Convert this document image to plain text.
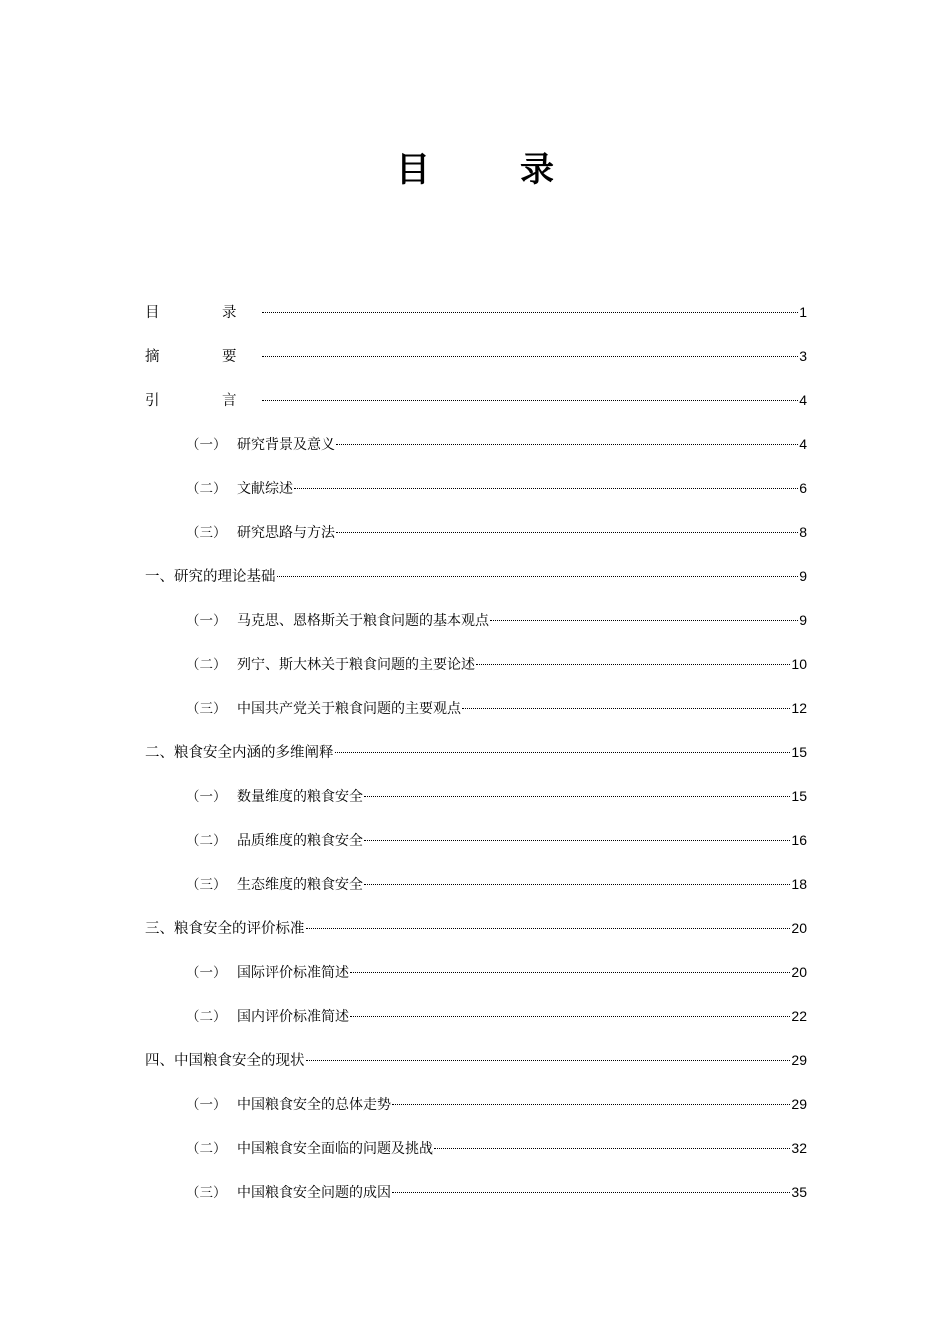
目　录
目　录	1
摘　要	3
引　言	4
（一） 研究背景及意义	4
（二） 文献综述	6
（三） 研究思路与方法	8
一、研究的理论基础	9
（一） 马克思、恩格斯关于粮食问题的基本观点	9
（二） 列宁、斯大林关于粮食问题的主要论述	10
（三） 中国共产党关于粮食问题的主要观点	12
二、粮食安全内涵的多维阐释	15
（一） 数量维度的粮食安全	15
（二） 品质维度的粮食安全	16
（三） 生态维度的粮食安全	18
三、粮食安全的评价标准	20
（一） 国际评价标准简述	20
（二） 国内评价标准简述	22
四、中国粮食安全的现状	29
（一） 中国粮食安全的总体走势	29
（二） 中国粮食安全面临的问题及挑战	32
（三） 中国粮食安全问题的成因	35
